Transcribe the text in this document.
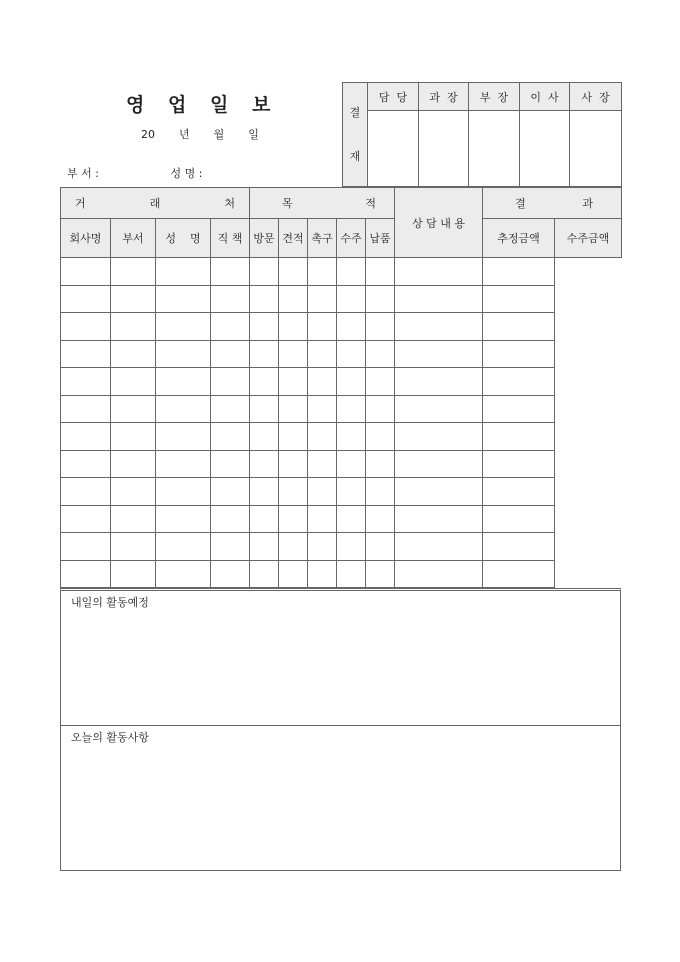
영 업 일 보
20 년 월 일
부 서 :	성 명 :
결
재	담  당	과  장	부  장	이  사	사  장

거 래 처				목 적					상 담 내 용	결 과	

회사명	부서	성    명	직 책	방문	견적	촉구	수주	납품		추정금액	수주금액

내일의 활동예정
오늘의 활동사항
